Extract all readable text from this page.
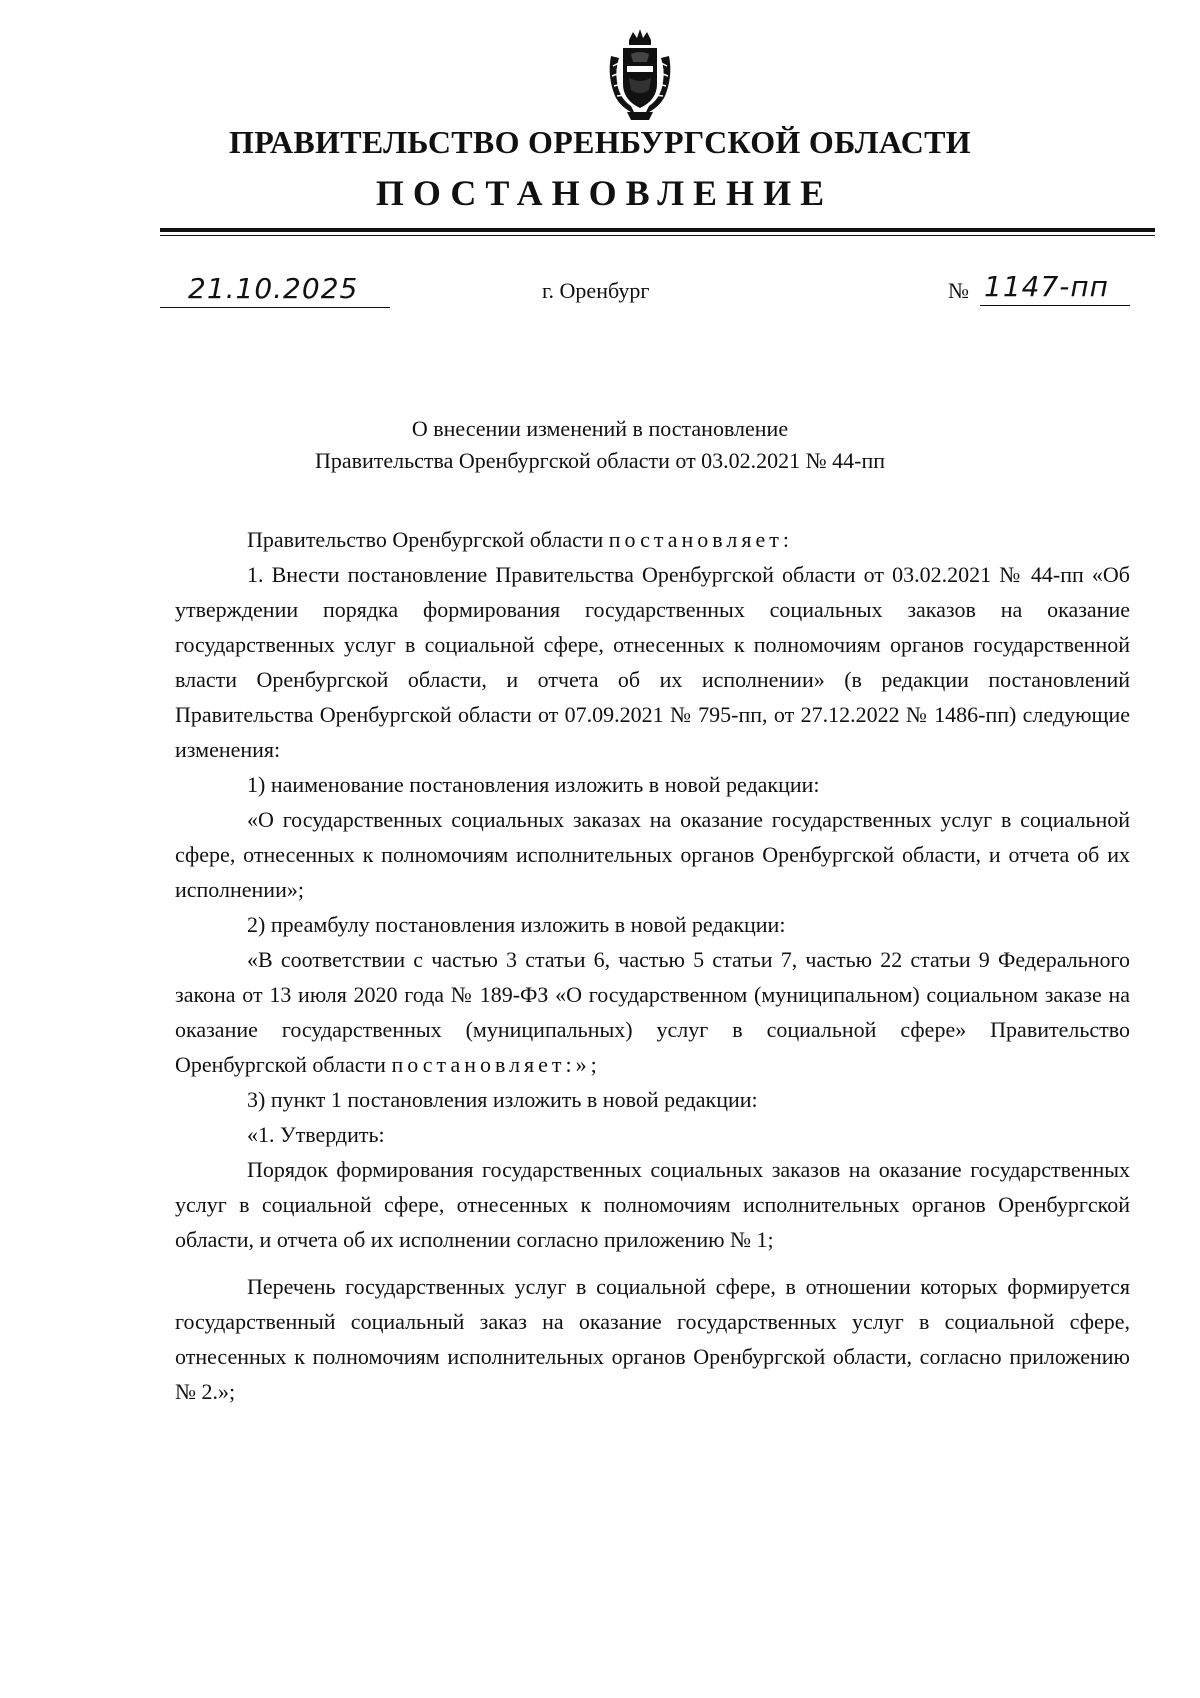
ПРАВИТЕЛЬСТВО ОРЕНБУРГСКОЙ ОБЛАСТИ
ПОСТАНОВЛЕНИЕ
21.10.2025	г. Оренбург	№ 1147-пп
О внесении изменений в постановление
Правительства Оренбургской области от 03.02.2021 № 44-пп

Правительство Оренбургской области постановляет:

1. Внести постановление Правительства Оренбургской области от 03.02.2021 № 44-пп «Об утверждении порядка формирования государственных социальных заказов на оказание государственных услуг в социальной сфере, отнесенных к полномочиям органов государственной власти Оренбургской области, и отчета об их исполнении» (в редакции постановлений Правительства Оренбургской области от 07.09.2021 № 795-пп, от 27.12.2022 № 1486-пп) следующие изменения:

1) наименование постановления изложить в новой редакции:

«О государственных социальных заказах на оказание государственных услуг в социальной сфере, отнесенных к полномочиям исполнительных органов Оренбургской области, и отчета об их исполнении»;

2) преамбулу постановления изложить в новой редакции:

«В соответствии с частью 3 статьи 6, частью 5 статьи 7, частью 22 статьи 9 Федерального закона от 13 июля 2020 года № 189-ФЗ «О государственном (муниципальном) социальном заказе на оказание государственных (муниципальных) услуг в социальной сфере» Правительство Оренбургской области постановляет:»;

3) пункт 1 постановления изложить в новой редакции:

«1. Утвердить:

Порядок формирования государственных социальных заказов на оказание государственных услуг в социальной сфере, отнесенных к полномочиям исполнительных органов Оренбургской области, и отчета об их исполнении согласно приложению № 1;

Перечень государственных услуг в социальной сфере, в отношении которых формируется государственный социальный заказ на оказание государственных услуг в социальной сфере, отнесенных к полномочиям исполнительных органов Оренбургской области, согласно приложению № 2.»;
